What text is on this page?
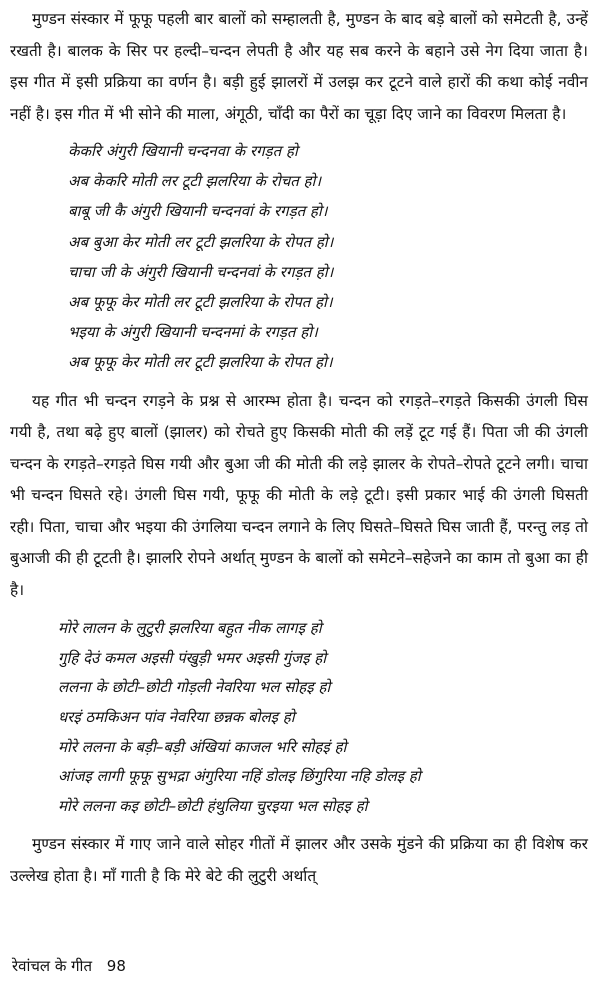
मुण्डन संस्कार में फूफू पहली बार बालों को सम्हालती है, मुण्डन के बाद बड़े बालों को समेटती है, उन्हें रखती है। बालक के सिर पर हल्दी–चन्दन लेपती है और यह सब करने के बहाने उसे नेग दिया जाता है। इस गीत में इसी प्रक्रिया का वर्णन है। बड़ी हुई झालरों में उलझ कर टूटने वाले हारों की कथा कोई नवीन नहीं है। इस गीत में भी सोने की माला, अंगूठी, चाँदी का पैरों का चूड़ा दिए जाने का विवरण मिलता है।

केकरि अंगुरी खियानी चन्दनवा के रगड़त हो
अब केकरि मोती लर टूटी झलरिया के रोचत हो।
बाबू जी कै अंगुरी खियानी चन्दनवां के रगड़त हो।
अब बुआ केर मोती लर टूटी झलरिया के रोपत हो।
चाचा जी के अंगुरी खियानी चन्दनवां के रगड़त हो।
अब फूफू केर मोती लर टूटी झलरिया के रोपत हो।
भइया के अंगुरी खियानी चन्दनमां के रगड़त हो।
अब फूफू केर मोती लर टूटी झलरिया के रोपत हो।

यह गीत भी चन्दन रगड़ने के प्रश्न से आरम्भ होता है। चन्दन को रगड़ते–रगड़ते किसकी उंगली घिस गयी है, तथा बढ़े हुए बालों (झालर) को रोचते हुए किसकी मोती की लड़ें टूट गई हैं। पिता जी की उंगली चन्दन के रगड़ते–रगड़ते घिस गयी और बुआ जी की मोती की लड़े झालर के रोपते–रोपते टूटने लगी। चाचा भी चन्दन घिसते रहे। उंगली घिस गयी, फूफू की मोती के लड़े टूटी। इसी प्रकार भाई की उंगली घिसती रही। पिता, चाचा और भइया की उंगलिया चन्दन लगाने के लिए घिसते–घिसते घिस जाती हैं, परन्तु लड़ तो बुआजी की ही टूटती है। झालरि रोपने अर्थात् मुण्डन के बालों को समेटने–सहेजने का काम तो बुआ का ही है।

मोरे लालन के लुटुरी झलरिया बहुत नीक लागइ हो
गुहि देउं कमल अइसी पंखुड़ी भमर अइसी गुंजइ हो
ललना के छोटी–छोटी गोड़ली नेवरिया भल सोहइ हो
धरइं ठमकिअन पांव नेवरिया छन्नक बोलइ हो
मोरे ललना के बड़ी–बड़ी अंखियां काजल भरि सोहइं हो
आंजइ लागी फूफू सुभद्रा अंगुरिया नहिं डोलइ छिंगुरिया नहि डोलइ हो
मोरे ललना कइ छोटी–छोटी हंथुलिया चुरइया भल सोहइ हो

मुण्डन संस्कार में गाए जाने वाले सोहर गीतों में झालर और उसके मुंडने की प्रक्रिया का ही विशेष कर उल्लेख होता है। माँ गाती है कि मेरे बेटे की लुटुरी अर्थात्

रेवांचल के गीत 98
